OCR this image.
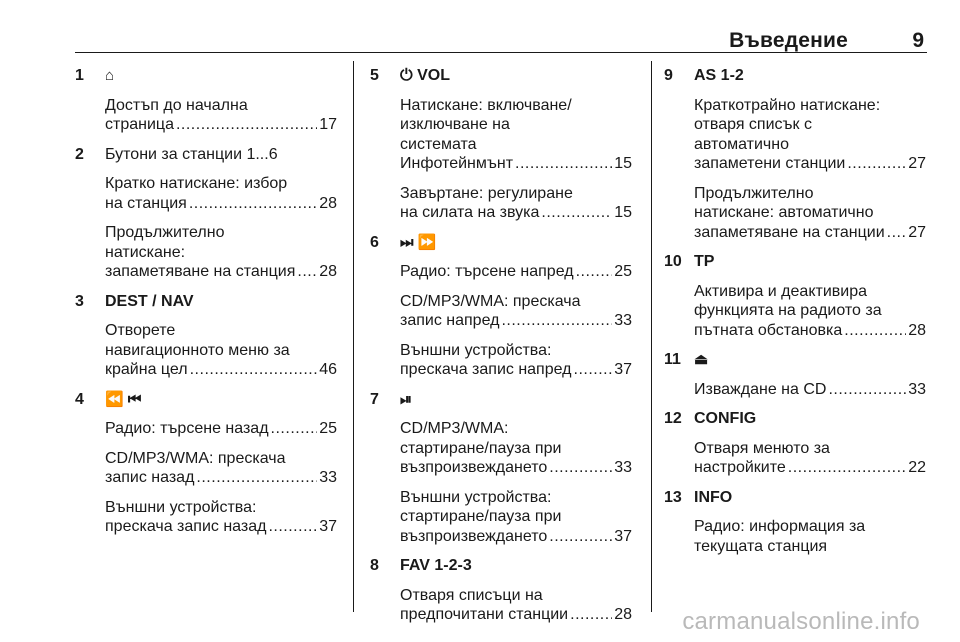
Въведение	9
1 ⌂
Достъп до начална
страница .....	17
2 Бутони за станции 1...6
Кратко натискане: избор
на станция .....	28
Продължително
натискане:
запаметяване на станция ..... 28
3 DEST / NAV
Отворете
навигационното меню за
крайна цел .....	46
4 ⏪ ⏮
Радио: търсене назад .....	25
CD/MP3/WMA: прескача
запис назад .....	33
Външни устройства:
прескача запис назад .....	37
5 ⏻ VOL
Натискане: включване/
изключване на
системата
Инфотейнмънт .....	15
Завъртане: регулиране
на силата на звука .....	15
6 ⏭ ⏩
Радио: търсене напред .....	25
CD/MP3/WMA: прескача
запис напред .....	33
Външни устройства:
прескача запис напред .....	37
7 ⏯
CD/MP3/WMA:
стартиране/пауза при
възпроизвеждането .....	33
Външни устройства:
стартиране/пауза при
възпроизвеждането .....	37
8 FAV 1-2-3
Отваря списъци на
предпочитани станции .....	28
9 AS 1-2
Краткотрайно натискане:
отваря списък с
автоматично
запаметени станции .....	27
Продължително
натискане: автоматично
запаметяване на станции ..... 27
10 TP
Активира и деактивира
функцията на радиото за
пътната обстановка .....	28
11 ⏏
Изваждане на CD .....	33
12 CONFIG
Отваря менюто за
настройките .....	22
13 INFO
Радио: информация за
текущата станция
carmanualsonline.info
